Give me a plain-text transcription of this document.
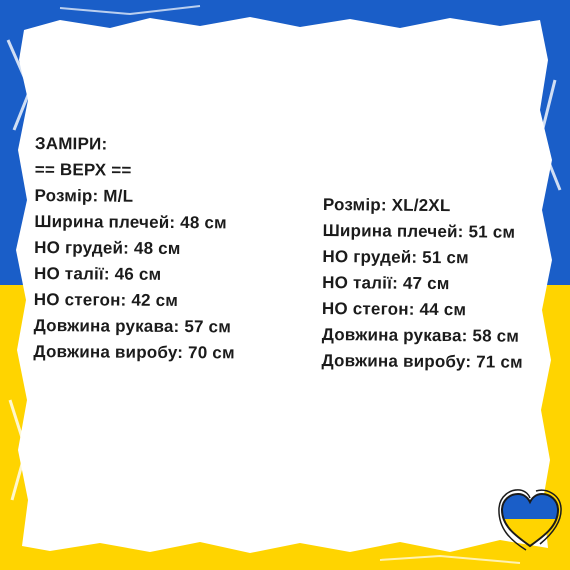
ЗАМІРИ:
== ВЕРХ ==
Розмір: M/L
Ширина плечей: 48 см
НО грудей: 48 см
НО талії: 46 см
НО стегон: 42 см
Довжина рукава: 57 см
Довжина виробу: 70 см
Розмір: XL/2XL
Ширина плечей: 51 см
НО грудей: 51 см
НО талії: 47 см
НО стегон: 44 см
Довжина рукава: 58 см
Довжина виробу: 71 см
